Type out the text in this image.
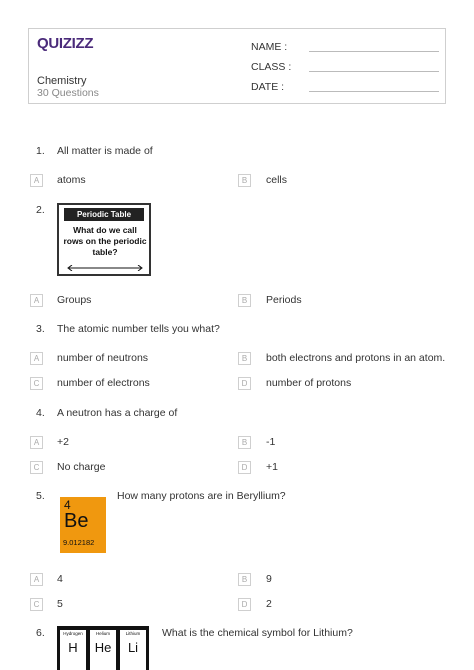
QUIZIZZ
Chemistry
30 Questions
NAME :
CLASS :
DATE :
1. All matter is made of
A	atoms	B	cells
2.	Periodic Table
What do we call rows on the periodic table?
A	Groups	B	Periods
3. The atomic number tells you what?
A	number of neutrons	B	both electrons and protons in an atom.
C	number of electrons	D	number of protons
4. A neutron has a charge of
A	+2	B	-1
C	No charge	D	+1
5.
4
Be
9.012182
How many protons are in Beryllium?
A	4	B	9
C	5	D	2
6.	Hydrogen
H
Helium
He
Lithium
Li
What is the chemical symbol for Lithium?
